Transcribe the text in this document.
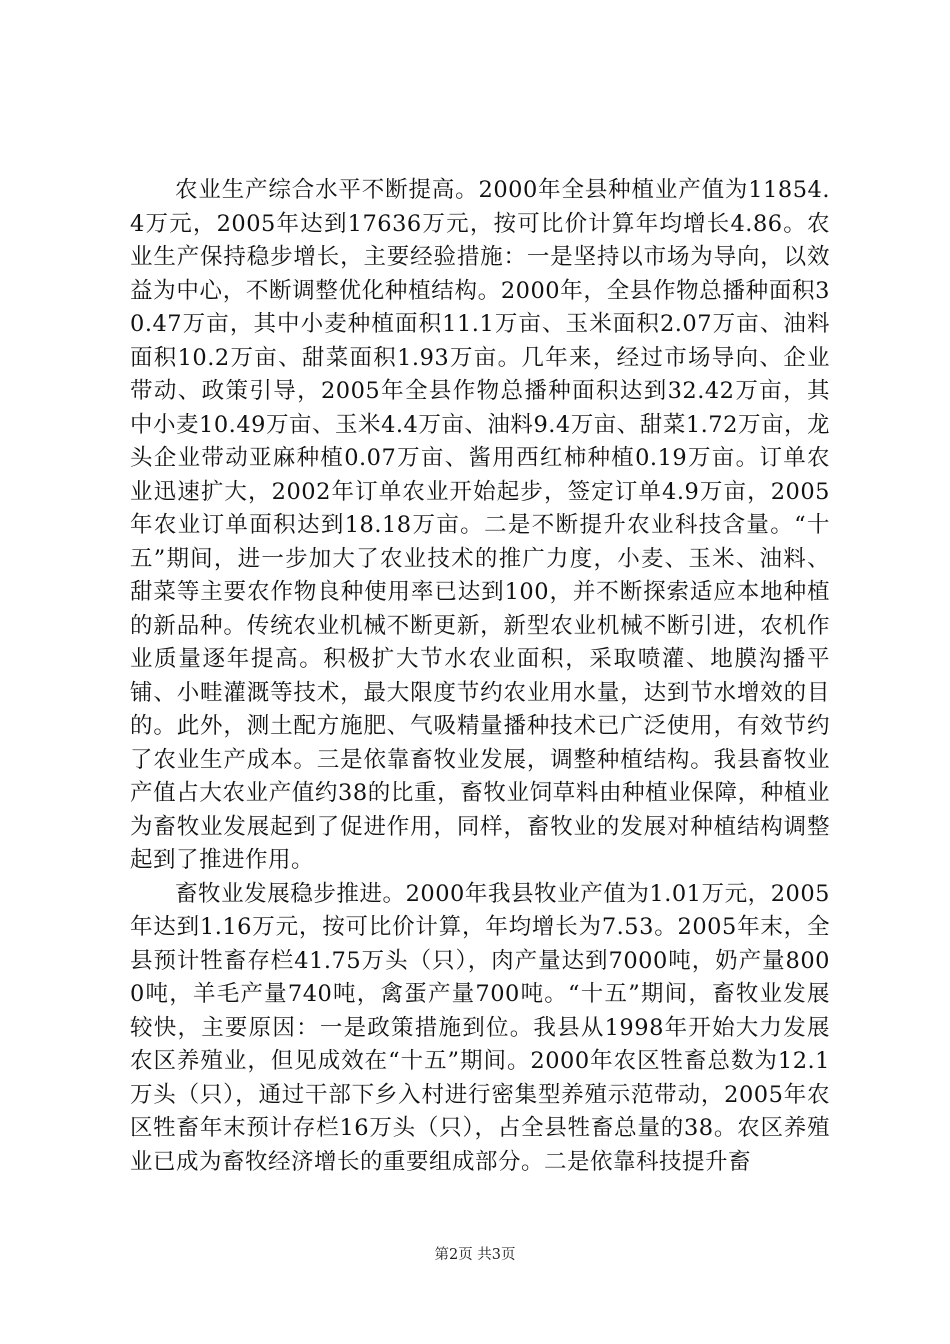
农业生产综合水平不断提高。2000年全县种植业产值为11854.4万元，2005年达到17636万元，按可比价计算年均增长4.86。农业生产保持稳步增长，主要经验措施：一是坚持以市场为导向，以效益为中心，不断调整优化种植结构。2000年，全县作物总播种面积30.47万亩，其中小麦种植面积11.1万亩、玉米面积2.07万亩、油料面积10.2万亩、甜菜面积1.93万亩。几年来，经过市场导向、企业带动、政策引导，2005年全县作物总播种面积达到32.42万亩，其中小麦10.49万亩、玉米4.4万亩、油料9.4万亩、甜菜1.72万亩，龙头企业带动亚麻种植0.07万亩、酱用西红柿种植0.19万亩。订单农业迅速扩大，2002年订单农业开始起步，签定订单4.9万亩，2005年农业订单面积达到18.18万亩。二是不断提升农业科技含量。“十五”期间，进一步加大了农业技术的推广力度，小麦、玉米、油料、甜菜等主要农作物良种使用率已达到100，并不断探索适应本地种植的新品种。传统农业机械不断更新，新型农业机械不断引进，农机作业质量逐年提高。积极扩大节水农业面积，采取喷灌、地膜沟播平铺、小畦灌溉等技术，最大限度节约农业用水量，达到节水增效的目的。此外，测土配方施肥、气吸精量播种技术已广泛使用，有效节约了农业生产成本。三是依靠畜牧业发展，调整种植结构。我县畜牧业产值占大农业产值约38的比重，畜牧业饲草料由种植业保障，种植业为畜牧业发展起到了促进作用，同样，畜牧业的发展对种植结构调整起到了推进作用。

畜牧业发展稳步推进。2000年我县牧业产值为1.01万元，2005年达到1.16万元，按可比价计算，年均增长为7.53。2005年末，全县预计牲畜存栏41.75万头（只），肉产量达到7000吨，奶产量8000吨，羊毛产量740吨，禽蛋产量700吨。“十五”期间，畜牧业发展较快，主要原因：一是政策措施到位。我县从1998年开始大力发展农区养殖业，但见成效在“十五”期间。2000年农区牲畜总数为12.1万头（只），通过干部下乡入村进行密集型养殖示范带动，2005年农区牲畜年末预计存栏16万头（只），占全县牲畜总量的38。农区养殖业已成为畜牧经济增长的重要组成部分。二是依靠科技提升畜

第2页 共3页
